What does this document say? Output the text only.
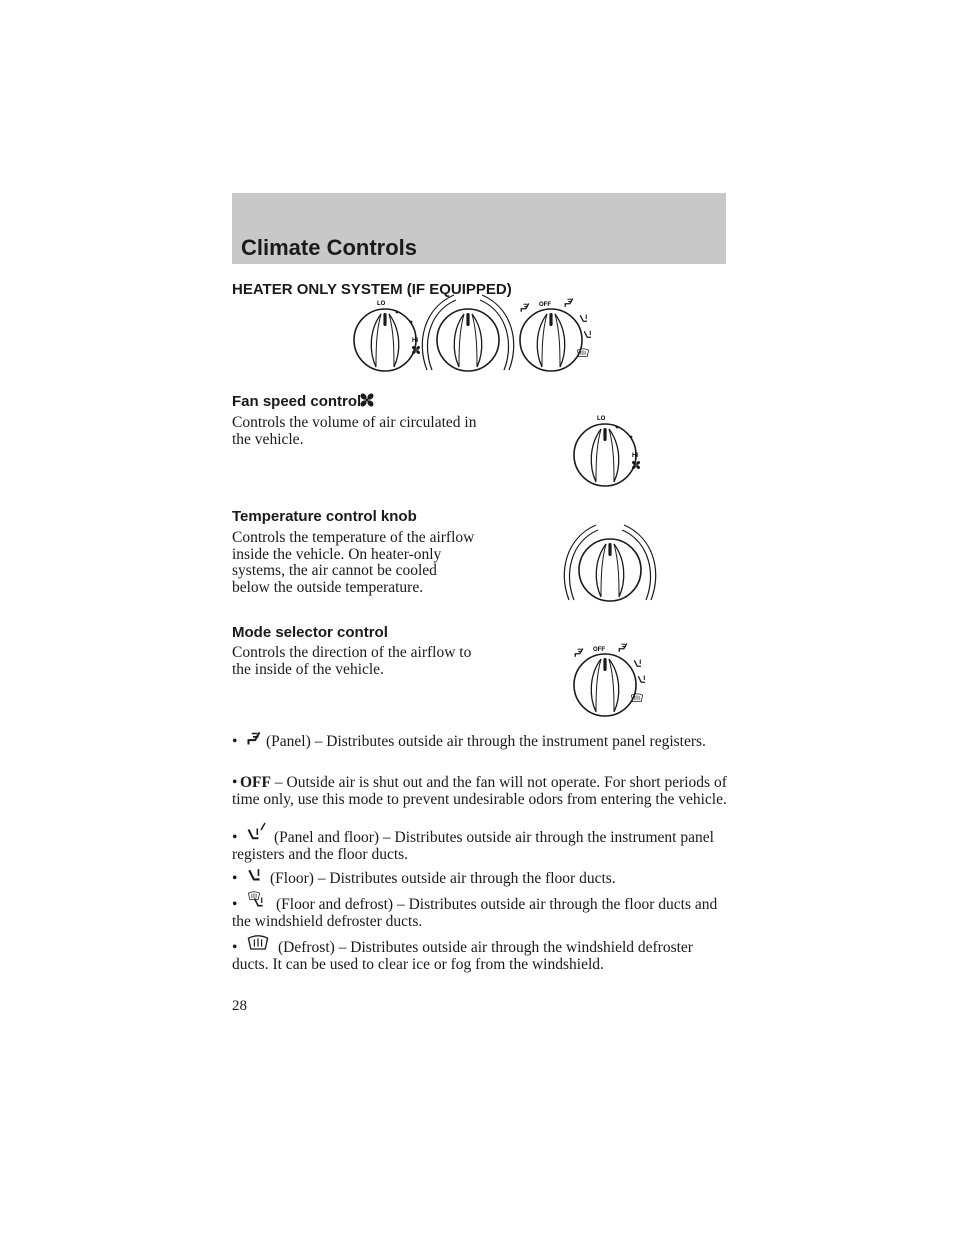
Climate Controls
HEATER ONLY SYSTEM (IF EQUIPPED)
LO
HI
OFF
Fan speed control

Controls the volume of air circulated in the vehicle.

LO
HI
Temperature control knob

Controls the temperature of the airflow inside the vehicle. On heater-only systems, the air cannot be cooled below the outside temperature.

Mode selector control

Controls the direction of the airflow to the inside of the vehicle.

OFF
•	(Panel) – Distributes outside air through the instrument panel registers.

• OFF – Outside air is shut out and the fan will not operate. For short periods of time only, use this mode to prevent undesirable odors from entering the vehicle.

•	(Panel and floor) – Distributes outside air through the instrument panel registers and the floor ducts.

•	(Floor) – Distributes outside air through the floor ducts.

•	(Floor and defrost) – Distributes outside air through the floor ducts and the windshield defroster ducts.

•	(Defrost) – Distributes outside air through the windshield defroster ducts. It can be used to clear ice or fog from the windshield.

28
